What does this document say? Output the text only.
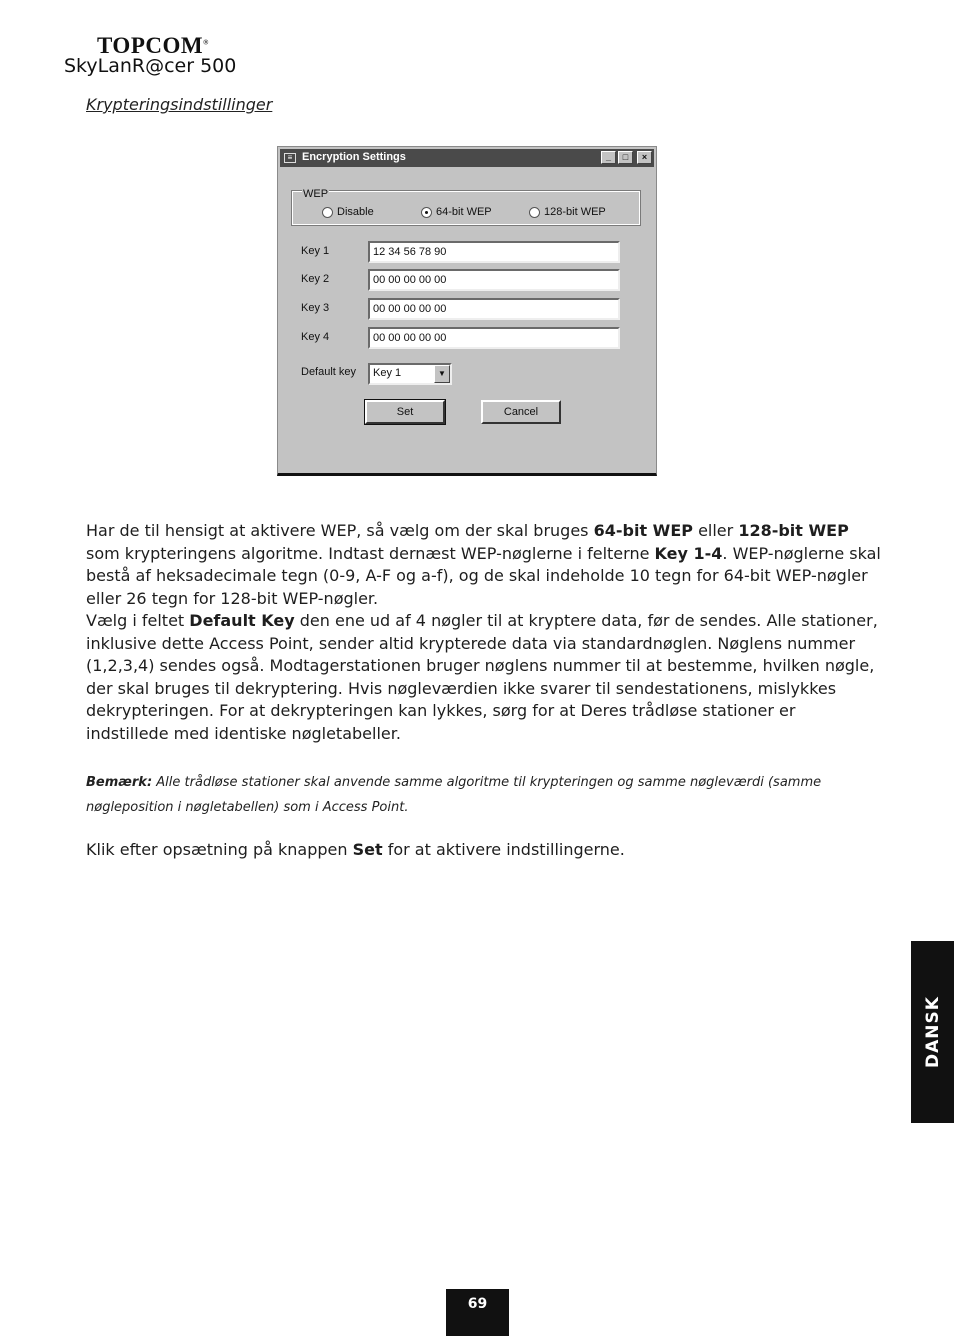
TOPCOM®
SkyLanR@cer 500
Krypteringsindstillinger
≡ Encryption Settings	_	□	×
WEP
Disable	64-bit WEP	128-bit WEP
Key 1	12 34 56 78 90
Key 2	00 00 00 00 00
Key 3	00 00 00 00 00
Key 4	00 00 00 00 00
Default key Key 1	▼
Set	Cancel

Har de til hensigt at aktivere WEP, så vælg om der skal bruges 64-bit WEP eller 128-bit WEP som krypteringens algoritme. Indtast dernæst WEP-nøglerne i felterne Key 1-4. WEP-nøglerne skal bestå af heksadecimale tegn (0-9, A-F og a-f), og de skal indeholde 10 tegn for 64-bit WEP-nøgler eller 26 tegn for 128-bit WEP-nøgler.

Vælg i feltet Default Key den ene ud af 4 nøgler til at kryptere data, før de sendes. Alle stationer, inklusive dette Access Point, sender altid krypterede data via standardnøglen. Nøglens nummer (1,2,3,4) sendes også. Modtagerstationen bruger nøglens nummer til at bestemme, hvilken nøgle, der skal bruges til dekryptering. Hvis nøgleværdien ikke svarer til sendestationens, mislykkes dekrypteringen. For at dekrypteringen kan lykkes, sørg for at Deres trådløse stationer er indstillede med identiske nøgletabeller.

Bemærk: Alle trådløse stationer skal anvende samme algoritme til krypteringen og samme nøgleværdi (samme nøgleposition i nøgletabellen) som i Access Point.
Klik efter opsætning på knappen Set for at aktivere indstillingerne.
DANSK
69
